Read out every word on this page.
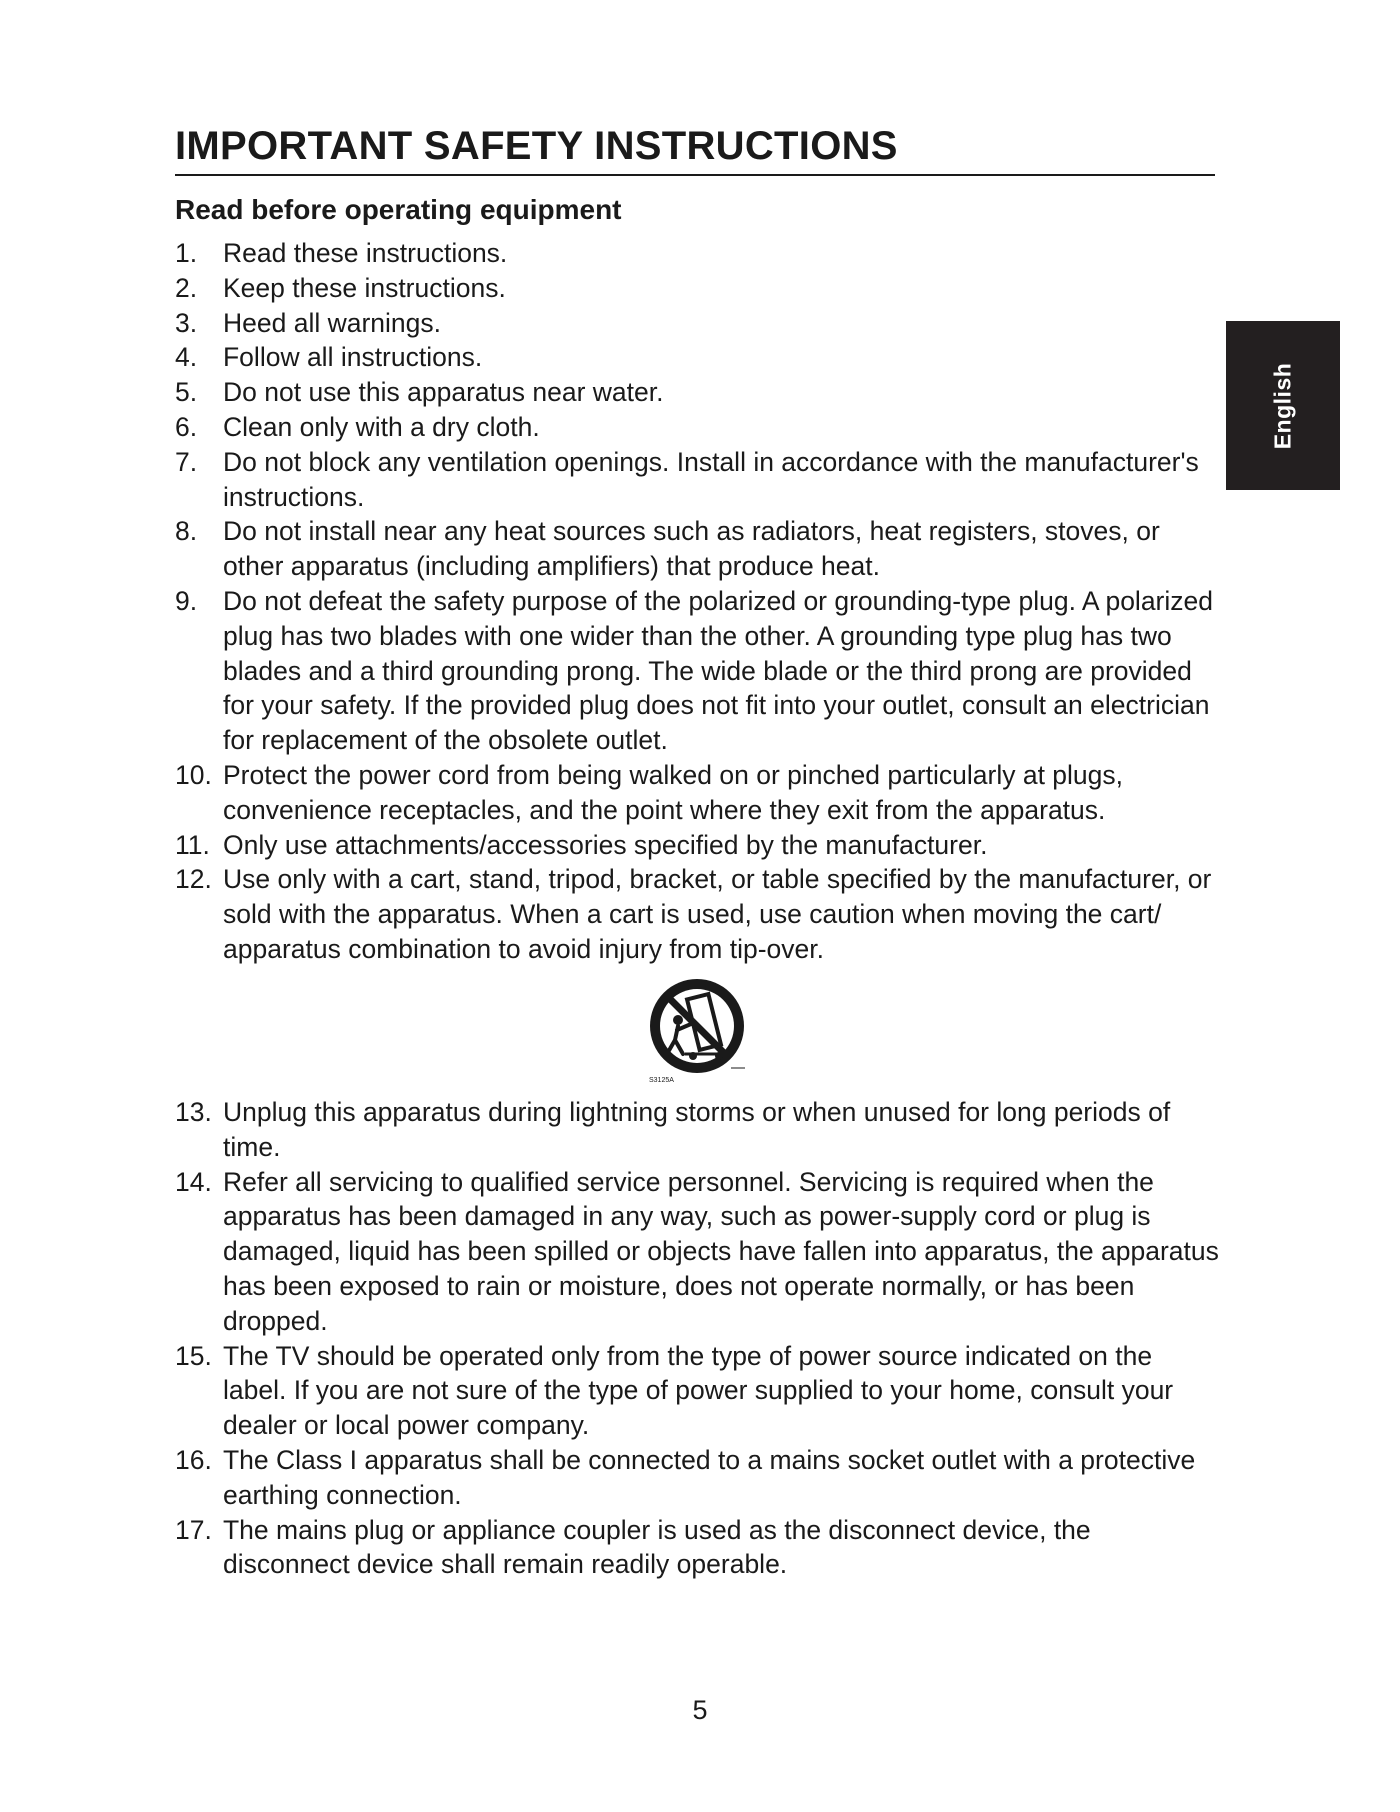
IMPORTANT SAFETY INSTRUCTIONS
Read before operating equipment
English
1. Read these instructions.
2. Keep these instructions.
3. Heed all warnings.
4. Follow all instructions.
5. Do not use this apparatus near water.
6. Clean only with a dry cloth.
7. Do not block any ventilation openings. Install in accordance with the manufacturer's instructions.
8. Do not install near any heat sources such as radiators, heat registers, stoves, or other apparatus (including amplifiers) that produce heat.
9. Do not defeat the safety purpose of the polarized or grounding-type plug. A polarized plug has two blades with one wider than the other. A grounding type plug has two blades and a third grounding prong. The wide blade or the third prong are provided for your safety. If the provided plug does not fit into your outlet, consult an electrician for replacement of the obsolete outlet.
10. Protect the power cord from being walked on or pinched particularly at plugs, convenience receptacles, and the point where they exit from the apparatus.
11. Only use attachments/accessories specified by the manufacturer.
12. Use only with a cart, stand, tripod, bracket, or table specified by the manufacturer, or sold with the apparatus. When a cart is used, use caution when moving the cart/ apparatus combination to avoid injury from tip-over.
S3125A
13. Unplug this apparatus during lightning storms or when unused for long periods of time.
14. Refer all servicing to qualified service personnel. Servicing is required when the apparatus has been damaged in any way, such as power-supply cord or plug is damaged, liquid has been spilled or objects have fallen into apparatus, the apparatus has been exposed to rain or moisture, does not operate normally, or has been dropped.
15. The TV should be operated only from the type of power source indicated on the label. If you are not sure of the type of power supplied to your home, consult your dealer or local power company.
16. The Class I apparatus shall be connected to a mains socket outlet with a protective earthing connection.
17. The mains plug or appliance coupler is used as the disconnect device, the disconnect device shall remain readily operable.
5
